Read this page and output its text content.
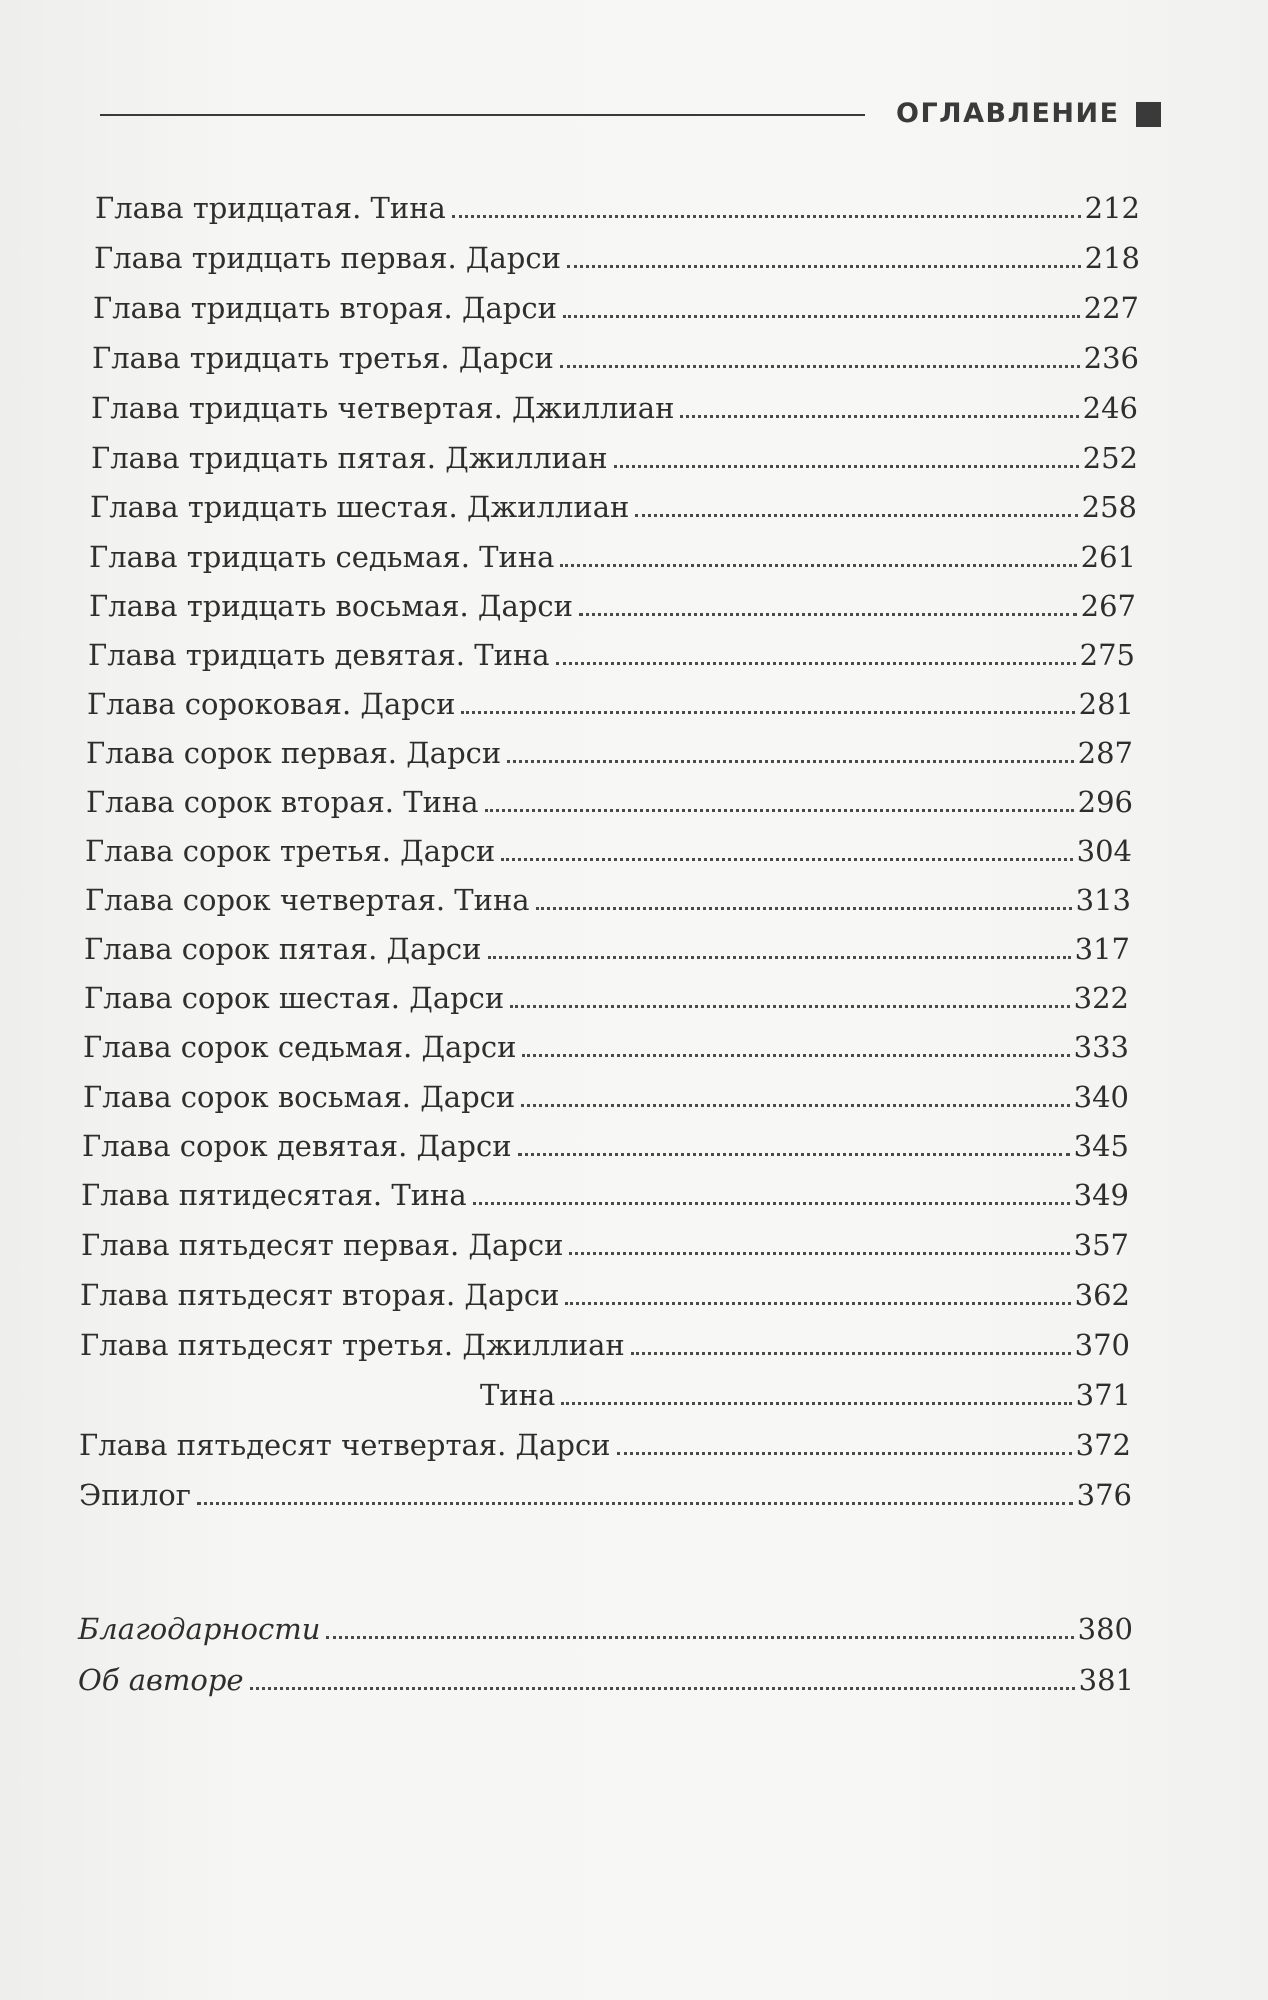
ОГЛАВЛЕНИЕ
Глава тридцатая. Тина	212
Глава тридцать первая. Дарси	218
Глава тридцать вторая. Дарси	227
Глава тридцать третья. Дарси	236
Глава тридцать четвертая. Джиллиан	246
Глава тридцать пятая. Джиллиан	252
Глава тридцать шестая. Джиллиан	258
Глава тридцать седьмая. Тина	261
Глава тридцать восьмая. Дарси	267
Глава тридцать девятая. Тина	275
Глава сороковая. Дарси	281
Глава сорок первая. Дарси	287
Глава сорок вторая. Тина	296
Глава сорок третья. Дарси	304
Глава сорок четвертая. Тина	313
Глава сорок пятая. Дарси	317
Глава сорок шестая. Дарси	322
Глава сорок седьмая. Дарси	333
Глава сорок восьмая. Дарси	340
Глава сорок девятая. Дарси	345
Глава пятидесятая. Тина	349
Глава пятьдесят первая. Дарси	357
Глава пятьдесят вторая. Дарси	362
Глава пятьдесят третья. Джиллиан	370
Тина	371
Глава пятьдесят четвертая. Дарси	372
Эпилог	376
Благодарности	380
Об авторе	381
